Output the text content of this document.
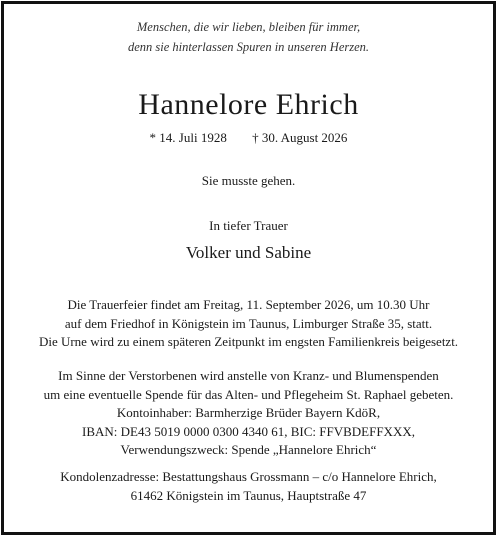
Menschen, die wir lieben, bleiben für immer,
denn sie hinterlassen Spuren in unseren Herzen.
Hannelore Ehrich
* 14. Juli 1928 † 30. August 2026
Sie musste gehen.
In tiefer Trauer
Volker und Sabine
Die Trauerfeier findet am Freitag, 11. September 2026, um 10.30 Uhr
auf dem Friedhof in Königstein im Taunus, Limburger Straße 35, statt.
Die Urne wird zu einem späteren Zeitpunkt im engsten Familienkreis beigesetzt.
Im Sinne der Verstorbenen wird anstelle von Kranz- und Blumenspenden
um eine eventuelle Spende für das Alten- und Pflegeheim St. Raphael gebeten.
Kontoinhaber: Barmherzige Brüder Bayern KdöR,
IBAN: DE43 5019 0000 0300 4340 61, BIC: FFVBDEFFXXX,
Verwendungszweck: Spende „Hannelore Ehrich“
Kondolenzadresse: Bestattungshaus Grossmann – c/o Hannelore Ehrich,
61462 Königstein im Taunus, Hauptstraße 47
